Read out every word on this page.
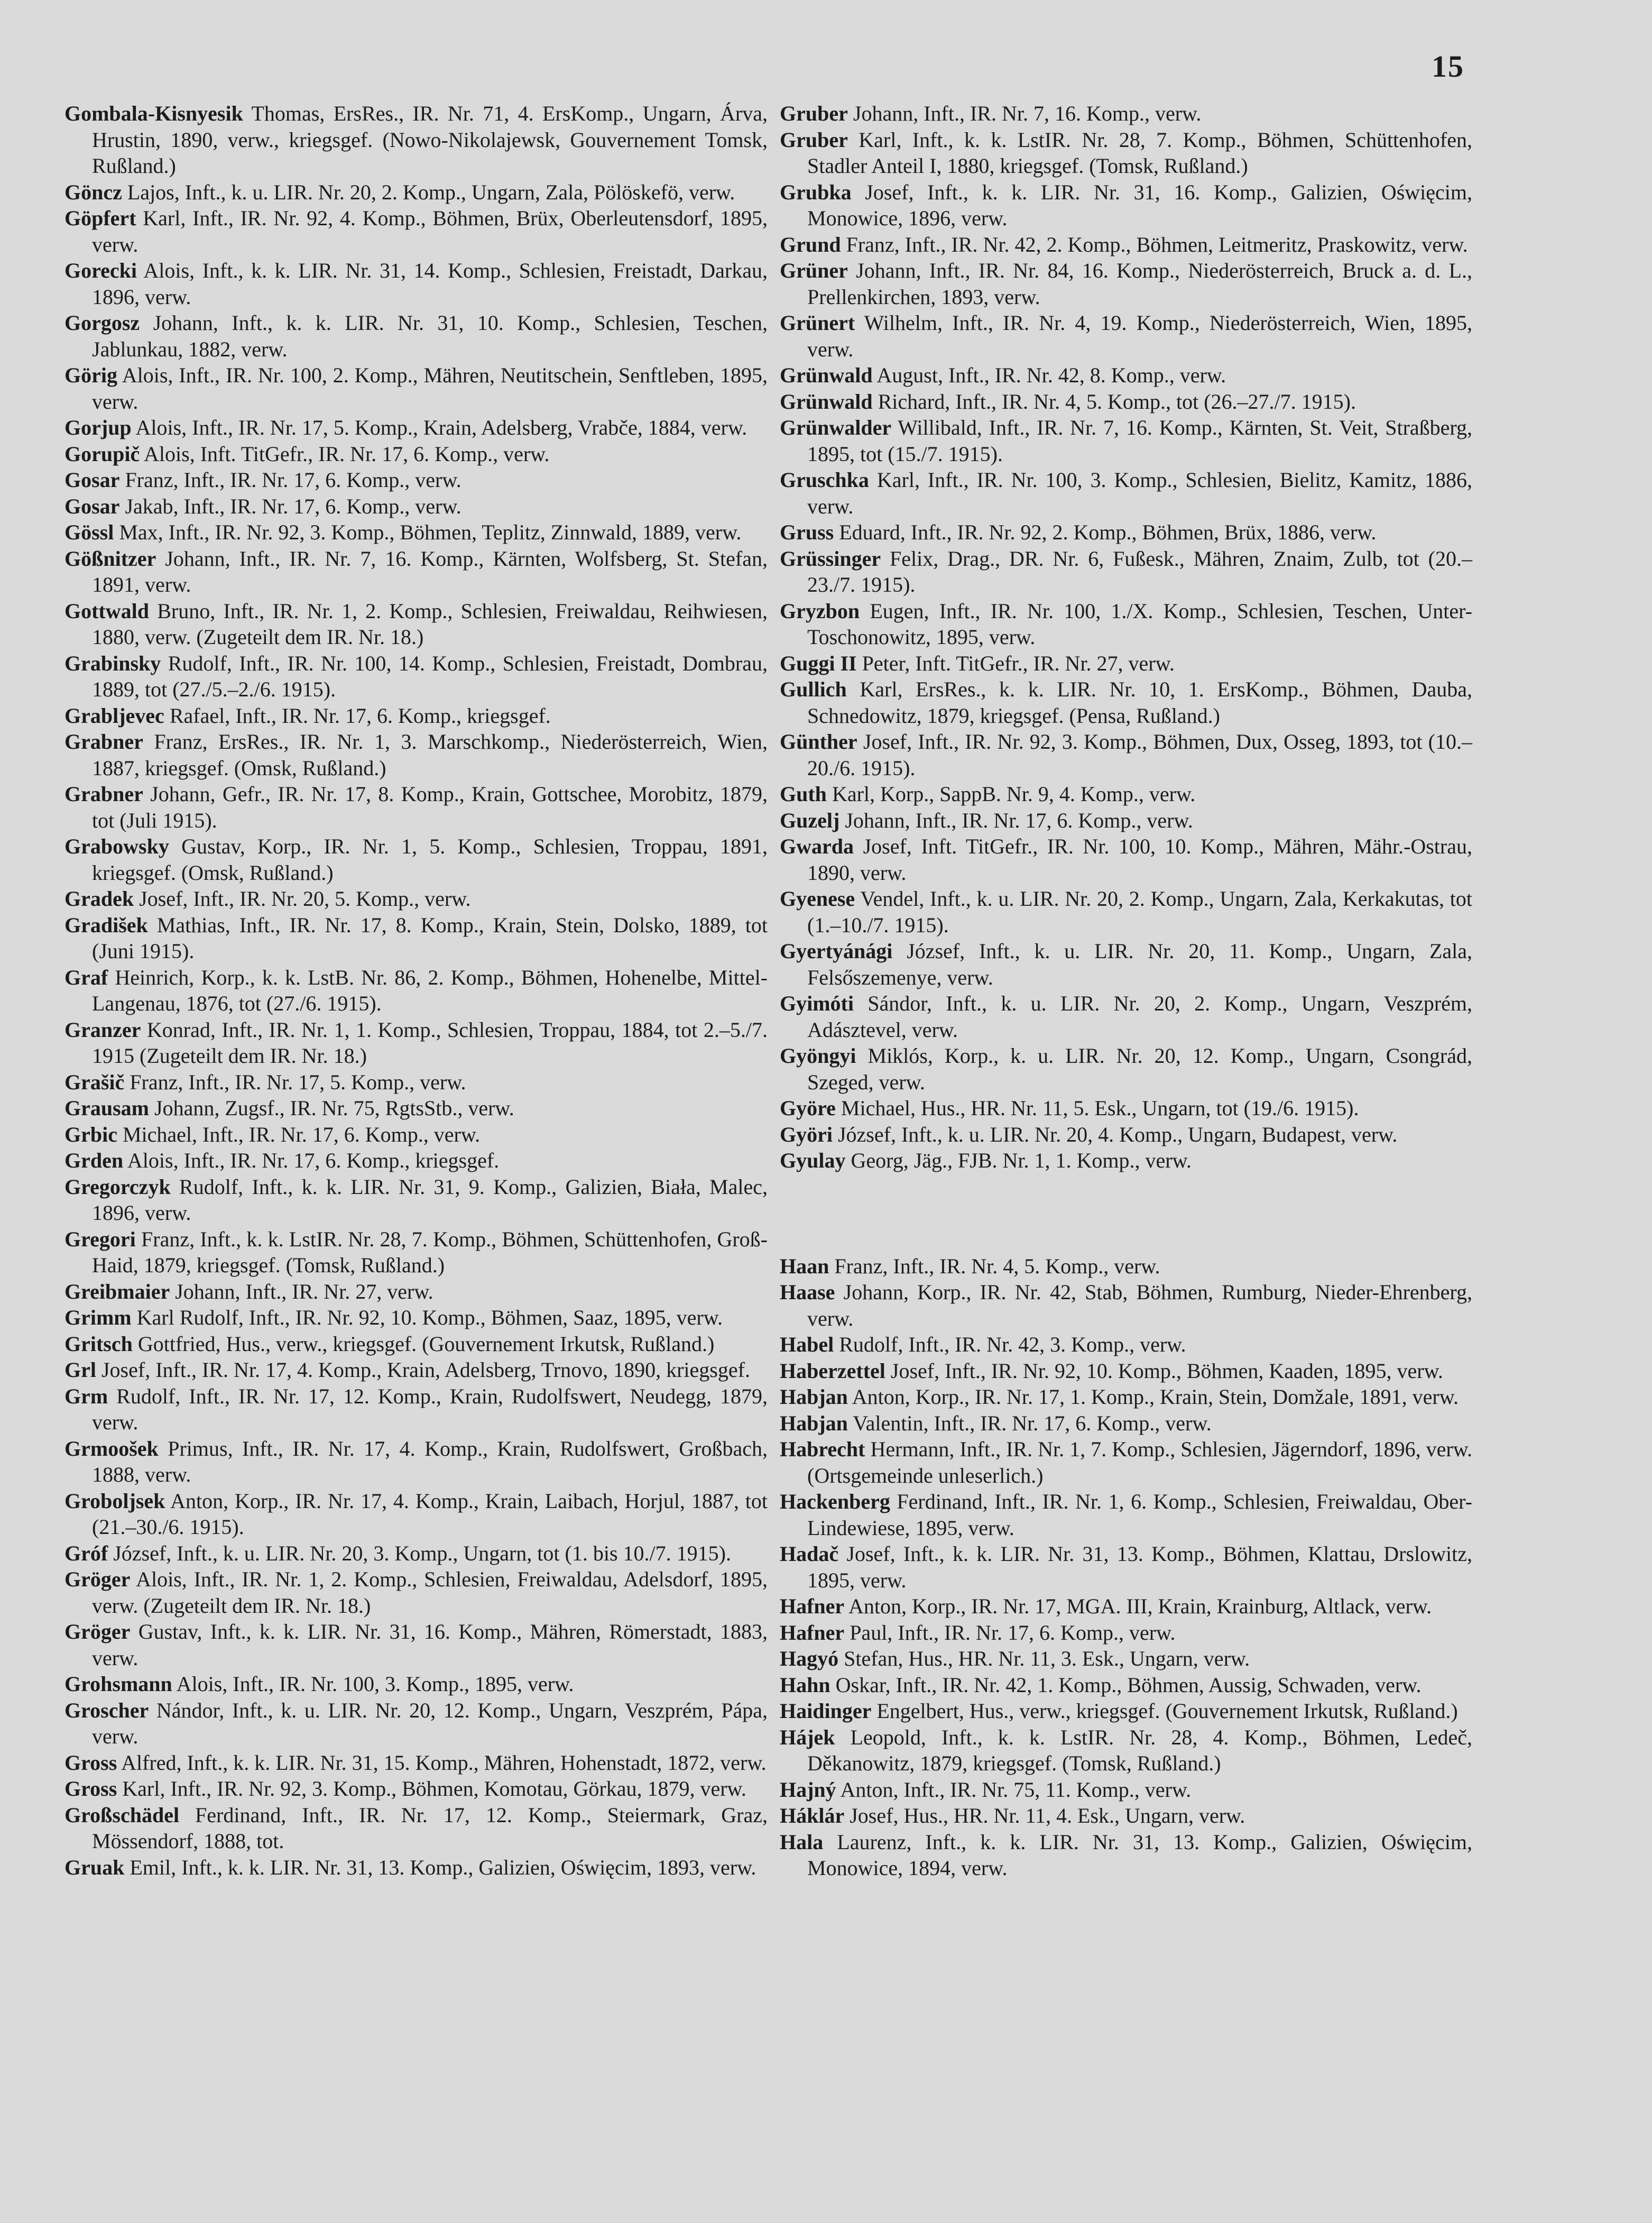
15
Gombala-Kisnyesik Thomas, ErsRes., IR. Nr. 71, 4. ErsKomp., Ungarn, Árva, Hrustin, 1890, verw., kriegsgef. (Nowo-Nikolajewsk, Gouvernement Tomsk, Rußland.)
Göncz Lajos, Inft., k. u. LIR. Nr. 20, 2. Komp., Ungarn, Zala, Pölöskefö, verw.
Göpfert Karl, Inft., IR. Nr. 92, 4. Komp., Böhmen, Brüx, Oberleutensdorf, 1895, verw.
Gorecki Alois, Inft., k. k. LIR. Nr. 31, 14. Komp., Schlesien, Freistadt, Darkau, 1896, verw.
Gorgosz Johann, Inft., k. k. LIR. Nr. 31, 10. Komp., Schlesien, Teschen, Jablunkau, 1882, verw.
Görig Alois, Inft., IR. Nr. 100, 2. Komp., Mähren, Neutitschein, Senftleben, 1895, verw.
Gorjup Alois, Inft., IR. Nr. 17, 5. Komp., Krain, Adelsberg, Vrabče, 1884, verw.
Gorupič Alois, Inft. TitGefr., IR. Nr. 17, 6. Komp., verw.
Gosar Franz, Inft., IR. Nr. 17, 6. Komp., verw.
Gosar Jakab, Inft., IR. Nr. 17, 6. Komp., verw.
Gössl Max, Inft., IR. Nr. 92, 3. Komp., Böhmen, Teplitz, Zinnwald, 1889, verw.
Gößnitzer Johann, Inft., IR. Nr. 7, 16. Komp., Kärnten, Wolfsberg, St. Stefan, 1891, verw.
Gottwald Bruno, Inft., IR. Nr. 1, 2. Komp., Schlesien, Freiwaldau, Reihwiesen, 1880, verw. (Zugeteilt dem IR. Nr. 18.)
Grabinsky Rudolf, Inft., IR. Nr. 100, 14. Komp., Schlesien, Freistadt, Dombrau, 1889, tot (27./5.–2./6. 1915).
Grabljevec Rafael, Inft., IR. Nr. 17, 6. Komp., kriegsgef.
Grabner Franz, ErsRes., IR. Nr. 1, 3. Marschkomp., Niederösterreich, Wien, 1887, kriegsgef. (Omsk, Rußland.)
Grabner Johann, Gefr., IR. Nr. 17, 8. Komp., Krain, Gottschee, Morobitz, 1879, tot (Juli 1915).
Grabowsky Gustav, Korp., IR. Nr. 1, 5. Komp., Schlesien, Troppau, 1891, kriegsgef. (Omsk, Rußland.)
Gradek Josef, Inft., IR. Nr. 20, 5. Komp., verw.
Gradišek Mathias, Inft., IR. Nr. 17, 8. Komp., Krain, Stein, Dolsko, 1889, tot (Juni 1915).
Graf Heinrich, Korp., k. k. LstB. Nr. 86, 2. Komp., Böhmen, Hohenelbe, Mittel-Langenau, 1876, tot (27./6. 1915).
Granzer Konrad, Inft., IR. Nr. 1, 1. Komp., Schlesien, Troppau, 1884, tot 2.–5./7. 1915 (Zugeteilt dem IR. Nr. 18.)
Grašič Franz, Inft., IR. Nr. 17, 5. Komp., verw.
Grausam Johann, Zugsf., IR. Nr. 75, RgtsStb., verw.
Grbic Michael, Inft., IR. Nr. 17, 6. Komp., verw.
Grden Alois, Inft., IR. Nr. 17, 6. Komp., kriegsgef.
Gregorczyk Rudolf, Inft., k. k. LIR. Nr. 31, 9. Komp., Galizien, Biała, Malec, 1896, verw.
Gregori Franz, Inft., k. k. LstIR. Nr. 28, 7. Komp., Böhmen, Schüttenhofen, Groß-Haid, 1879, kriegsgef. (Tomsk, Rußland.)
Greibmaier Johann, Inft., IR. Nr. 27, verw.
Grimm Karl Rudolf, Inft., IR. Nr. 92, 10. Komp., Böhmen, Saaz, 1895, verw.
Gritsch Gottfried, Hus., verw., kriegsgef. (Gouvernement Irkutsk, Rußland.)
Grl Josef, Inft., IR. Nr. 17, 4. Komp., Krain, Adelsberg, Trnovo, 1890, kriegsgef.
Grm Rudolf, Inft., IR. Nr. 17, 12. Komp., Krain, Rudolfswert, Neudegg, 1879, verw.
Grmoošek Primus, Inft., IR. Nr. 17, 4. Komp., Krain, Rudolfswert, Großbach, 1888, verw.
Groboljsek Anton, Korp., IR. Nr. 17, 4. Komp., Krain, Laibach, Horjul, 1887, tot (21.–30./6. 1915).
Gróf József, Inft., k. u. LIR. Nr. 20, 3. Komp., Ungarn, tot (1. bis 10./7. 1915).
Gröger Alois, Inft., IR. Nr. 1, 2. Komp., Schlesien, Freiwaldau, Adelsdorf, 1895, verw. (Zugeteilt dem IR. Nr. 18.)
Gröger Gustav, Inft., k. k. LIR. Nr. 31, 16. Komp., Mähren, Römerstadt, 1883, verw.
Grohsmann Alois, Inft., IR. Nr. 100, 3. Komp., 1895, verw.
Groscher Nándor, Inft., k. u. LIR. Nr. 20, 12. Komp., Ungarn, Veszprém, Pápa, verw.
Gross Alfred, Inft., k. k. LIR. Nr. 31, 15. Komp., Mähren, Hohenstadt, 1872, verw.
Gross Karl, Inft., IR. Nr. 92, 3. Komp., Böhmen, Komotau, Görkau, 1879, verw.
Großschädel Ferdinand, Inft., IR. Nr. 17, 12. Komp., Steiermark, Graz, Mössendorf, 1888, tot.
Gruak Emil, Inft., k. k. LIR. Nr. 31, 13. Komp., Galizien, Oświęcim, 1893, verw.
Gruber Johann, Inft., IR. Nr. 7, 16. Komp., verw.
Gruber Karl, Inft., k. k. LstIR. Nr. 28, 7. Komp., Böhmen, Schüttenhofen, Stadler Anteil I, 1880, kriegsgef. (Tomsk, Rußland.)
Grubka Josef, Inft., k. k. LIR. Nr. 31, 16. Komp., Galizien, Oświęcim, Monowice, 1896, verw.
Grund Franz, Inft., IR. Nr. 42, 2. Komp., Böhmen, Leitmeritz, Praskowitz, verw.
Grüner Johann, Inft., IR. Nr. 84, 16. Komp., Niederösterreich, Bruck a. d. L., Prellenkirchen, 1893, verw.
Grünert Wilhelm, Inft., IR. Nr. 4, 19. Komp., Niederösterreich, Wien, 1895, verw.
Grünwald August, Inft., IR. Nr. 42, 8. Komp., verw.
Grünwald Richard, Inft., IR. Nr. 4, 5. Komp., tot (26.–27./7. 1915).
Grünwalder Willibald, Inft., IR. Nr. 7, 16. Komp., Kärnten, St. Veit, Straßberg, 1895, tot (15./7. 1915).
Gruschka Karl, Inft., IR. Nr. 100, 3. Komp., Schlesien, Bielitz, Kamitz, 1886, verw.
Gruss Eduard, Inft., IR. Nr. 92, 2. Komp., Böhmen, Brüx, 1886, verw.
Grüssinger Felix, Drag., DR. Nr. 6, Fußesk., Mähren, Znaim, Zulb, tot (20.–23./7. 1915).
Gryzbon Eugen, Inft., IR. Nr. 100, 1./X. Komp., Schlesien, Teschen, Unter-Toschonowitz, 1895, verw.
Guggi II Peter, Inft. TitGefr., IR. Nr. 27, verw.
Gullich Karl, ErsRes., k. k. LIR. Nr. 10, 1. ErsKomp., Böhmen, Dauba, Schnedowitz, 1879, kriegsgef. (Pensa, Rußland.)
Günther Josef, Inft., IR. Nr. 92, 3. Komp., Böhmen, Dux, Osseg, 1893, tot (10.–20./6. 1915).
Guth Karl, Korp., SappB. Nr. 9, 4. Komp., verw.
Guzelj Johann, Inft., IR. Nr. 17, 6. Komp., verw.
Gwarda Josef, Inft. TitGefr., IR. Nr. 100, 10. Komp., Mähren, Mähr.-Ostrau, 1890, verw.
Gyenese Vendel, Inft., k. u. LIR. Nr. 20, 2. Komp., Ungarn, Zala, Kerkakutas, tot (1.–10./7. 1915).
Gyertyánági József, Inft., k. u. LIR. Nr. 20, 11. Komp., Ungarn, Zala, Felsőszemenye, verw.
Gyimóti Sándor, Inft., k. u. LIR. Nr. 20, 2. Komp., Ungarn, Veszprém, Adásztevel, verw.
Gyöngyi Miklós, Korp., k. u. LIR. Nr. 20, 12. Komp., Ungarn, Csongrád, Szeged, verw.
Györe Michael, Hus., HR. Nr. 11, 5. Esk., Ungarn, tot (19./6. 1915).
Györi József, Inft., k. u. LIR. Nr. 20, 4. Komp., Ungarn, Budapest, verw.
Gyulay Georg, Jäg., FJB. Nr. 1, 1. Komp., verw.
Haan Franz, Inft., IR. Nr. 4, 5. Komp., verw.
Haase Johann, Korp., IR. Nr. 42, Stab, Böhmen, Rumburg, Nieder-Ehrenberg, verw.
Habel Rudolf, Inft., IR. Nr. 42, 3. Komp., verw.
Haberzettel Josef, Inft., IR. Nr. 92, 10. Komp., Böhmen, Kaaden, 1895, verw.
Habjan Anton, Korp., IR. Nr. 17, 1. Komp., Krain, Stein, Domžale, 1891, verw.
Habjan Valentin, Inft., IR. Nr. 17, 6. Komp., verw.
Habrecht Hermann, Inft., IR. Nr. 1, 7. Komp., Schlesien, Jägerndorf, 1896, verw. (Ortsgemeinde unleserlich.)
Hackenberg Ferdinand, Inft., IR. Nr. 1, 6. Komp., Schlesien, Freiwaldau, Ober-Lindewiese, 1895, verw.
Hadač Josef, Inft., k. k. LIR. Nr. 31, 13. Komp., Böhmen, Klattau, Drslowitz, 1895, verw.
Hafner Anton, Korp., IR. Nr. 17, MGA. III, Krain, Krainburg, Altlack, verw.
Hafner Paul, Inft., IR. Nr. 17, 6. Komp., verw.
Hagyó Stefan, Hus., HR. Nr. 11, 3. Esk., Ungarn, verw.
Hahn Oskar, Inft., IR. Nr. 42, 1. Komp., Böhmen, Aussig, Schwaden, verw.
Haidinger Engelbert, Hus., verw., kriegsgef. (Gouvernement Irkutsk, Rußland.)
Hájek Leopold, Inft., k. k. LstIR. Nr. 28, 4. Komp., Böhmen, Ledeč, Děkanowitz, 1879, kriegsgef. (Tomsk, Rußland.)
Hajný Anton, Inft., IR. Nr. 75, 11. Komp., verw.
Háklár Josef, Hus., HR. Nr. 11, 4. Esk., Ungarn, verw.
Hala Laurenz, Inft., k. k. LIR. Nr. 31, 13. Komp., Galizien, Oświęcim, Monowice, 1894, verw.
